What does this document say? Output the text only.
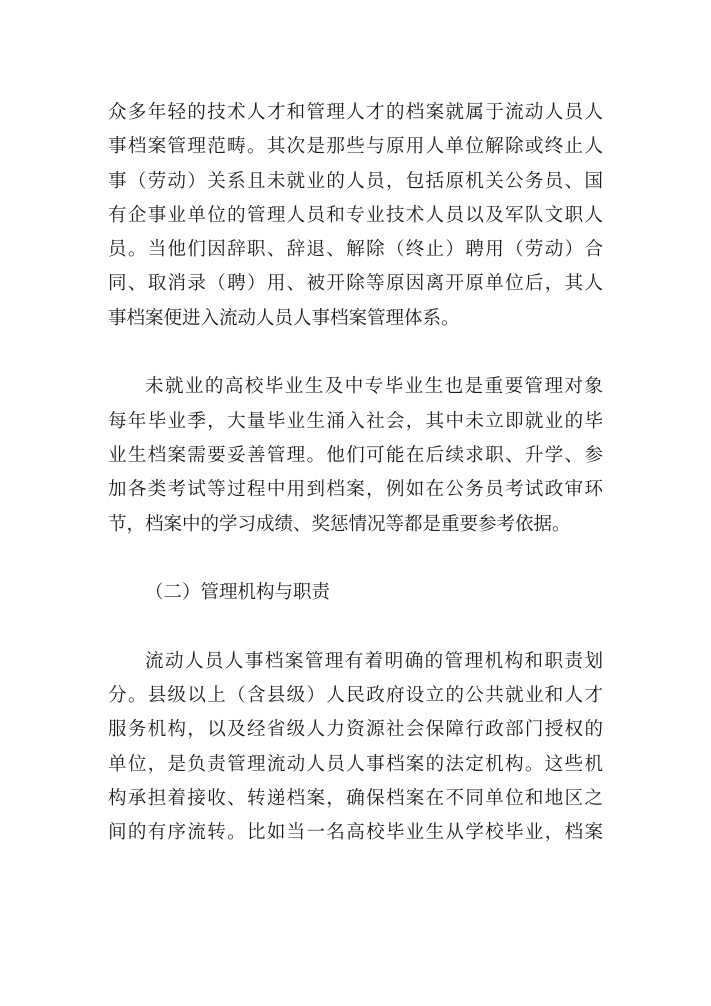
众多年轻的技术人才和管理人才的档案就属于流动人员人
事档案管理范畴。其次是那些与原用人单位解除或终止人
事（劳动）关系且未就业的人员，包括原机关公务员、国
有企事业单位的管理人员和专业技术人员以及军队文职人
员。当他们因辞职、辞退、解除（终止）聘用（劳动）合
同、取消录（聘）用、被开除等原因离开原单位后，其人
事档案便进入流动人员人事档案管理体系。
未就业的高校毕业生及中专毕业生也是重要管理对象
每年毕业季，大量毕业生涌入社会，其中未立即就业的毕
业生档案需要妥善管理。他们可能在后续求职、升学、参
加各类考试等过程中用到档案，例如在公务员考试政审环
节，档案中的学习成绩、奖惩情况等都是重要参考依据。
（二）管理机构与职责
流动人员人事档案管理有着明确的管理机构和职责划
分。县级以上（含县级）人民政府设立的公共就业和人才
服务机构，以及经省级人力资源社会保障行政部门授权的
单位，是负责管理流动人员人事档案的法定机构。这些机
构承担着接收、转递档案，确保档案在不同单位和地区之
间的有序流转。比如当一名高校毕业生从学校毕业，档案
